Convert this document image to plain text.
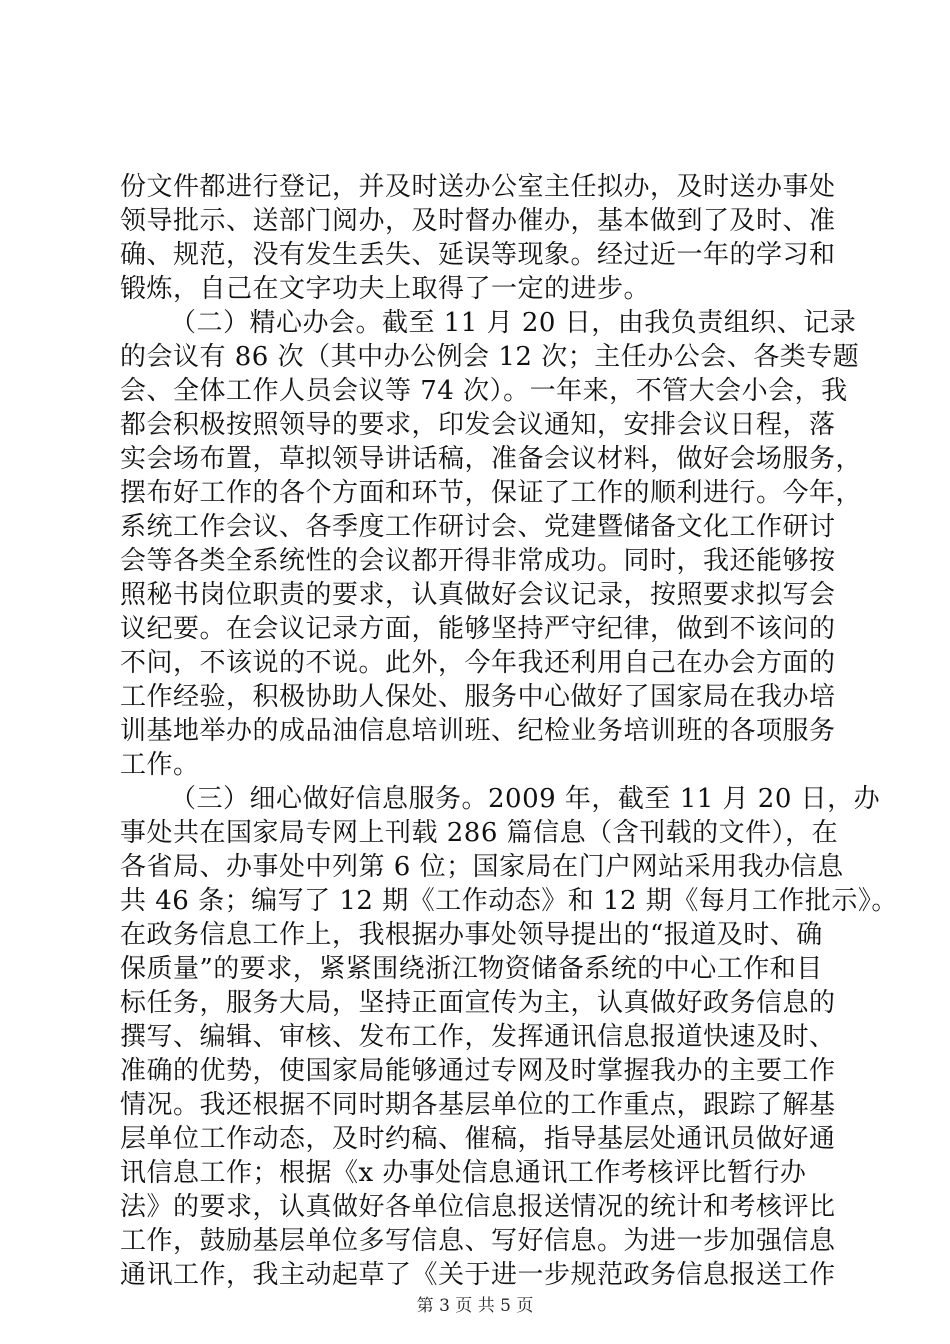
份文件都进行登记，并及时送办公室主任拟办，及时送办事处
领导批示、送部门阅办，及时督办催办，基本做到了及时、准
确、规范，没有发生丢失、延误等现象。经过近一年的学习和
锻炼，自己在文字功夫上取得了一定的进步。
（二）精心办会。截至 11 月 20 日，由我负责组织、记录
的会议有 86 次（其中办公例会 12 次；主任办公会、各类专题
会、全体工作人员会议等 74 次）。一年来，不管大会小会，我
都会积极按照领导的要求，印发会议通知，安排会议日程，落
实会场布置，草拟领导讲话稿，准备会议材料，做好会场服务，
摆布好工作的各个方面和环节，保证了工作的顺利进行。今年，
系统工作会议、各季度工作研讨会、党建暨储备文化工作研讨
会等各类全系统性的会议都开得非常成功。同时，我还能够按
照秘书岗位职责的要求，认真做好会议记录，按照要求拟写会
议纪要。在会议记录方面，能够坚持严守纪律，做到不该问的
不问，不该说的不说。此外，今年我还利用自己在办会方面的
工作经验，积极协助人保处、服务中心做好了国家局在我办培
训基地举办的成品油信息培训班、纪检业务培训班的各项服务
工作。
（三）细心做好信息服务。2009 年，截至 11 月 20 日，办
事处共在国家局专网上刊载 286 篇信息（含刊载的文件），在
各省局、办事处中列第 6 位；国家局在门户网站采用我办信息
共 46 条；编写了 12 期《工作动态》和 12 期《每月工作批示》。
在政务信息工作上，我根据办事处领导提出的“报道及时、确
保质量”的要求，紧紧围绕浙江物资储备系统的中心工作和目
标任务，服务大局，坚持正面宣传为主，认真做好政务信息的
撰写、编辑、审核、发布工作，发挥通讯信息报道快速及时、
准确的优势，使国家局能够通过专网及时掌握我办的主要工作
情况。我还根据不同时期各基层单位的工作重点，跟踪了解基
层单位工作动态，及时约稿、催稿，指导基层处通讯员做好通
讯信息工作；根据《x 办事处信息通讯工作考核评比暂行办
法》的要求，认真做好各单位信息报送情况的统计和考核评比
工作，鼓励基层单位多写信息、写好信息。为进一步加强信息
通讯工作，我主动起草了《关于进一步规范政务信息报送工作
第 3 页 共 5 页
